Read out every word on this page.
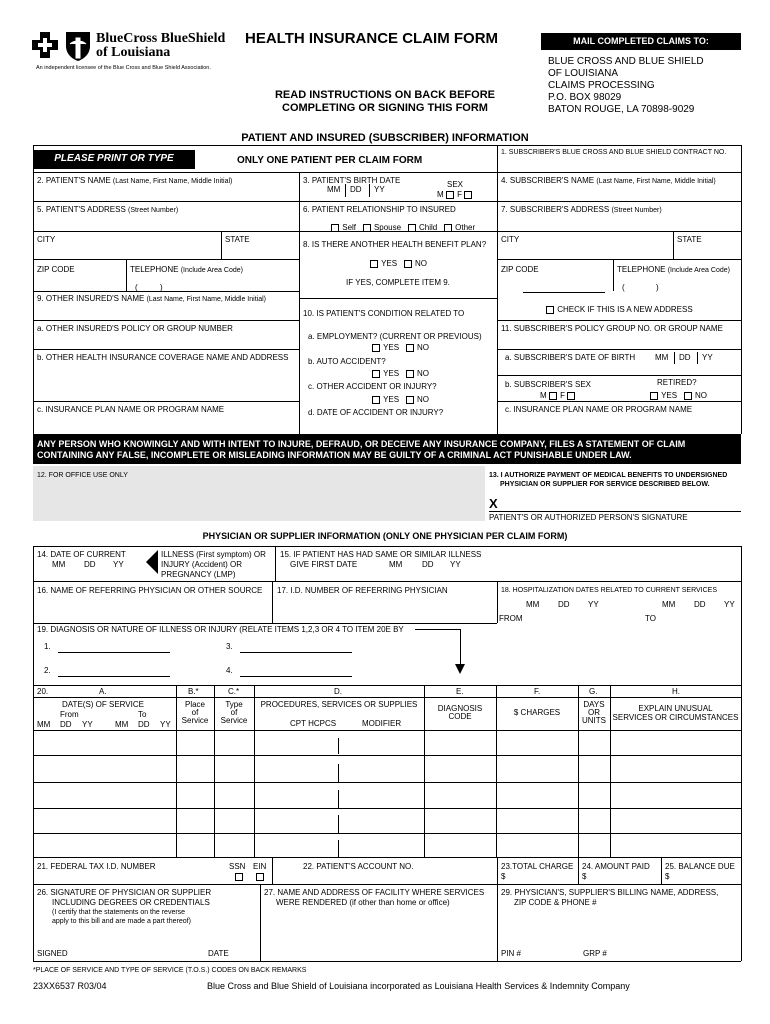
BlueCross BlueShield
of Louisiana
An independent licensee of the Blue Cross and Blue Shield Association.
HEALTH INSURANCE CLAIM FORM	MAIL COMPLETED CLAIMS TO:
BLUE CROSS AND BLUE SHIELD
OF LOUISIANA
CLAIMS PROCESSING
P.O. BOX 98029
BATON ROUGE, LA 70898-9029
READ INSTRUCTIONS ON BACK BEFORE
COMPLETING OR SIGNING THIS FORM
PATIENT AND INSURED (SUBSCRIBER) INFORMATION
PLEASE PRINT OR TYPE	ONLY ONE PATIENT PER CLAIM FORM
1. SUBSCRIBER'S BLUE CROSS AND BLUE SHIELD CONTRACT NO.
2. PATIENT'S NAME (Last Name, First Name, Middle Initial)	3. PATIENT'S BIRTH DATE
MM DD YY
SEX
M F
4. SUBSCRIBER'S NAME (Last Name, First Name, Middle Initial)
5. PATIENT'S ADDRESS (Street Number)	6. PATIENT RELATIONSHIP TO INSURED
Self Spouse Child Other
7. SUBSCRIBER'S ADDRESS (Street Number)
CITY	STATE
8. IS THERE ANOTHER HEALTH BENEFIT PLAN?
CITY	STATE
ZIP CODE	TELEPHONE (Include Area Code)
(	)
YES NO
IF YES, COMPLETE ITEM 9.
ZIP CODE	TELEPHONE (Include Area Code)
(	)
9. OTHER INSURED'S NAME (Last Name, First Name, Middle Initial)
a. OTHER INSURED'S POLICY OR GROUP NUMBER
b. OTHER HEALTH INSURANCE COVERAGE NAME AND ADDRESS
c. INSURANCE PLAN NAME OR PROGRAM NAME
10. IS PATIENT'S CONDITION RELATED TO
a. EMPLOYMENT? (CURRENT OR PREVIOUS)
YES NO
b. AUTO ACCIDENT?
YES NO
c. OTHER ACCIDENT OR INJURY?
YES NO
d. DATE OF ACCIDENT OR INJURY?
CHECK IF THIS IS A NEW ADDRESS
11. SUBSCRIBER'S POLICY GROUP NO. OR GROUP NAME
a. SUBSCRIBER'S DATE OF BIRTH MM DD YY
b. SUBSCRIBER'S SEX
M F
RETIRED?
YES NO
c. INSURANCE PLAN NAME OR PROGRAM NAME
ANY PERSON WHO KNOWINGLY AND WITH INTENT TO INJURE, DEFRAUD, OR DECEIVE ANY INSURANCE COMPANY, FILES A STATEMENT OF CLAIM
CONTAINING ANY FALSE, INCOMPLETE OR MISLEADING INFORMATION MAY BE GUILTY OF A CRIMINAL ACT PUNISHABLE UNDER LAW.
12. FOR OFFICE USE ONLY	13. I AUTHORIZE PAYMENT OF MEDICAL BENEFITS TO UNDERSIGNED
PHYSICIAN OR SUPPLIER FOR SERVICE DESCRIBED BELOW.
X
PATIENT'S OR AUTHORIZED PERSON'S SIGNATURE
PHYSICIAN OR SUPPLIER INFORMATION (ONLY ONE PHYSICIAN PER CLAIM FORM)
14. DATE OF CURRENT
MM DD YY
ILLNESS (First symptom) OR
INJURY (Accident) OR
PREGNANCY (LMP)
15. IF PATIENT HAS HAD SAME OR SIMILAR ILLNESS
GIVE FIRST DATE	MM DD YY
16. NAME OF REFERRING PHYSICIAN OR OTHER SOURCE 17. I.D. NUMBER OF REFERRING PHYSICIAN	18. HOSPITALIZATION DATES RELATED TO CURRENT SERVICES
MM DD YY	MM DD YY
FROM	TO
19. DIAGNOSIS OR NATURE OF ILLNESS OR INJURY (RELATE ITEMS 1,2,3 OR 4 TO ITEM 20E BY
1.	3.
2.	4.
20.	A.	B.*	C.*	D.	E.	F.	G.	H.
DATE(S) OF SERVICE
From	To
MM DD YY	MM DD YY
Place
of
Service
Type
of
Service
PROCEDURES, SERVICES OR SUPPLIES
CPT HCPCS	MODIFIER
DIAGNOSIS
CODE	$ CHARGES
DAYS
OR
UNITS
EXPLAIN UNUSUAL
SERVICES OR CIRCUMSTANCES
21. FEDERAL TAX I.D. NUMBER	SSN EIN	22. PATIENT'S ACCOUNT NO.	23.TOTAL CHARGE
$
24. AMOUNT PAID
$
25. BALANCE DUE
$
26. SIGNATURE OF PHYSICIAN OR SUPPLIER
INCLUDING DEGREES OR CREDENTIALS
(I certify that the statements on the reverse
apply to this bill and are made a part thereof)
27. NAME AND ADDRESS OF FACILITY WHERE SERVICES
WERE RENDERED (if other than home or office)
29. PHYSICIAN'S, SUPPLIER'S BILLING NAME, ADDRESS,
ZIP CODE & PHONE #
SIGNED	DATE	PIN #	GRP #
*PLACE OF SERVICE AND TYPE OF SERVICE (T.O.S.) CODES ON BACK REMARKS
23XX6537 R03/04	Blue Cross and Blue Shield of Louisiana incorporated as Louisiana Health Services & Indemnity Company
